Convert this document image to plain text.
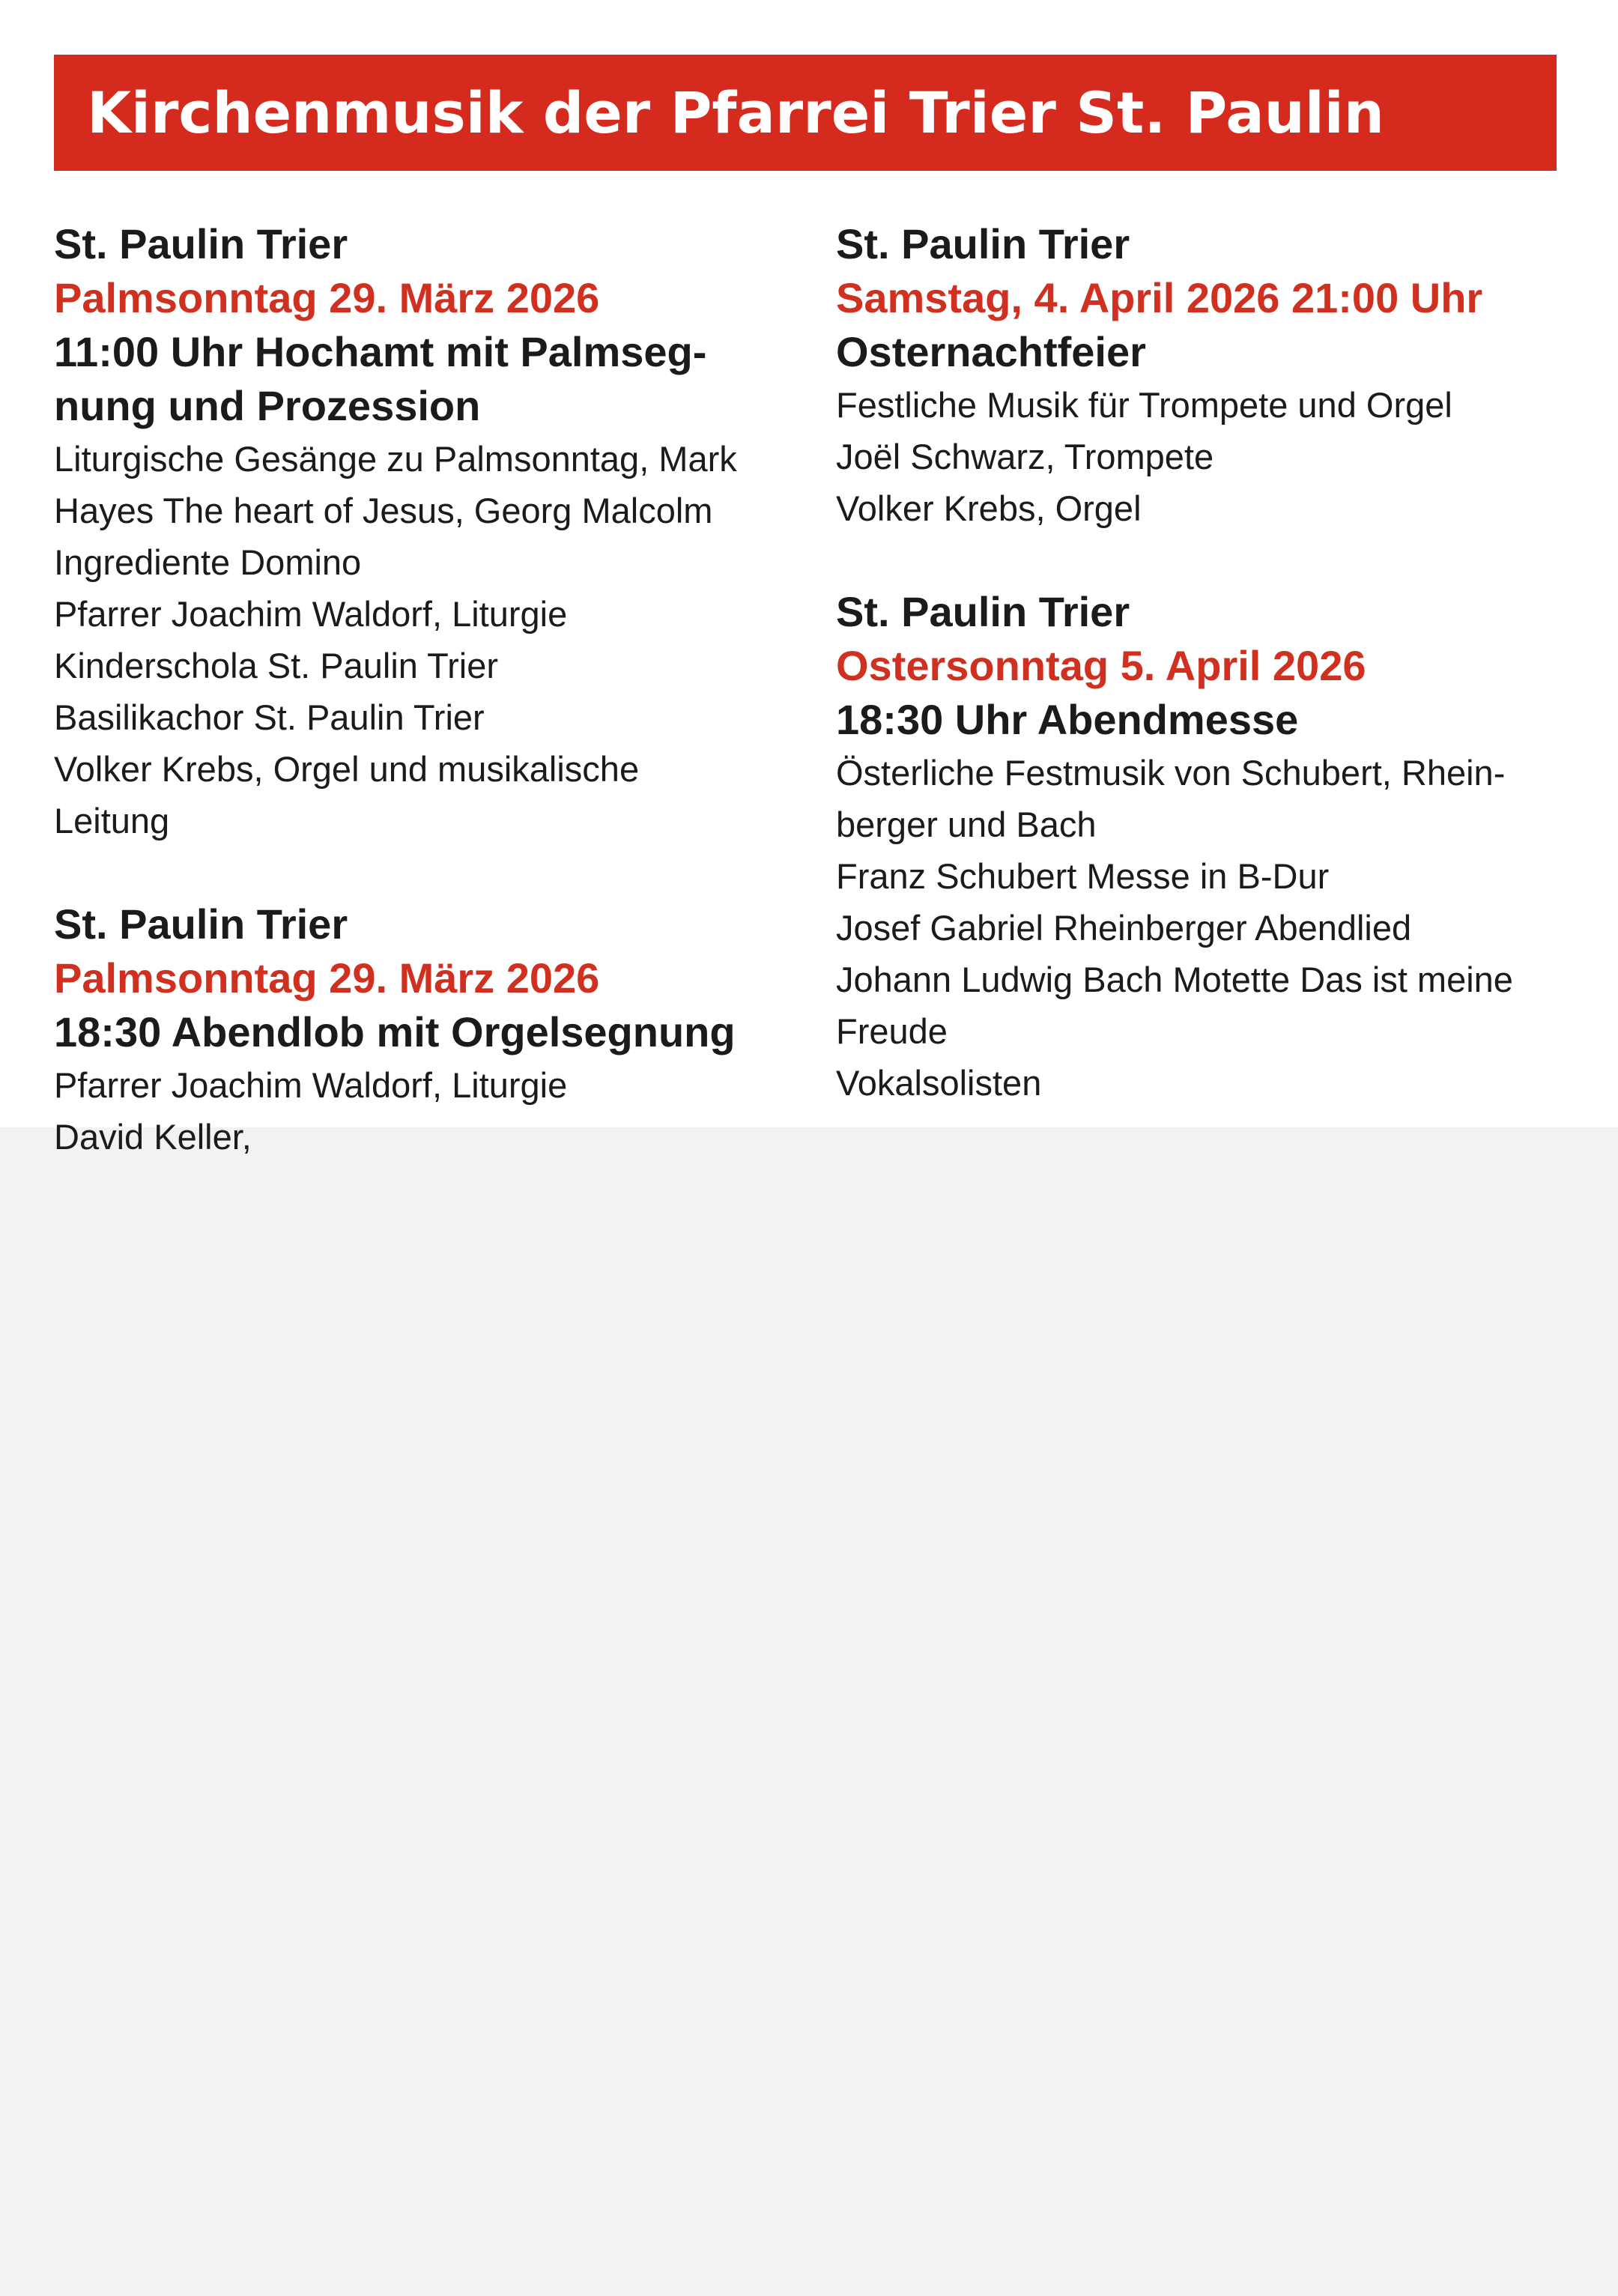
Kirchenmusik der Pfarrei Trier St. Paulin
St. Paulin Trier
Palmsonntag 29. März 2026
11:00 Uhr Hochamt mit Palmseg-
nung und Prozession
Liturgische Gesänge zu Palmsonntag, Mark
Hayes The heart of Jesus, Georg Malcolm
Ingrediente Domino
Pfarrer Joachim Waldorf, Liturgie
Kinderschola St. Paulin Trier
Basilikachor St. Paulin Trier
Volker Krebs, Orgel und musikalische
Leitung
St. Paulin Trier
Palmsonntag 29. März 2026
18:30 Abendlob mit Orgelsegnung
Pfarrer Joachim Waldorf, Liturgie
David Keller,
St. Paulin Trier
Samstag, 4. April 2026 21:00 Uhr
Osternachtfeier
Festliche Musik für Trompete und Orgel
Joël Schwarz, Trompete
Volker Krebs, Orgel
St. Paulin Trier
Ostersonntag 5. April 2026
18:30 Uhr Abendmesse
Österliche Festmusik von Schubert, Rhein-
berger und Bach
Franz Schubert Messe in B-Dur
Josef Gabriel Rheinberger Abendlied
Johann Ludwig Bach Motette Das ist meine
Freude
Vokalsolisten
